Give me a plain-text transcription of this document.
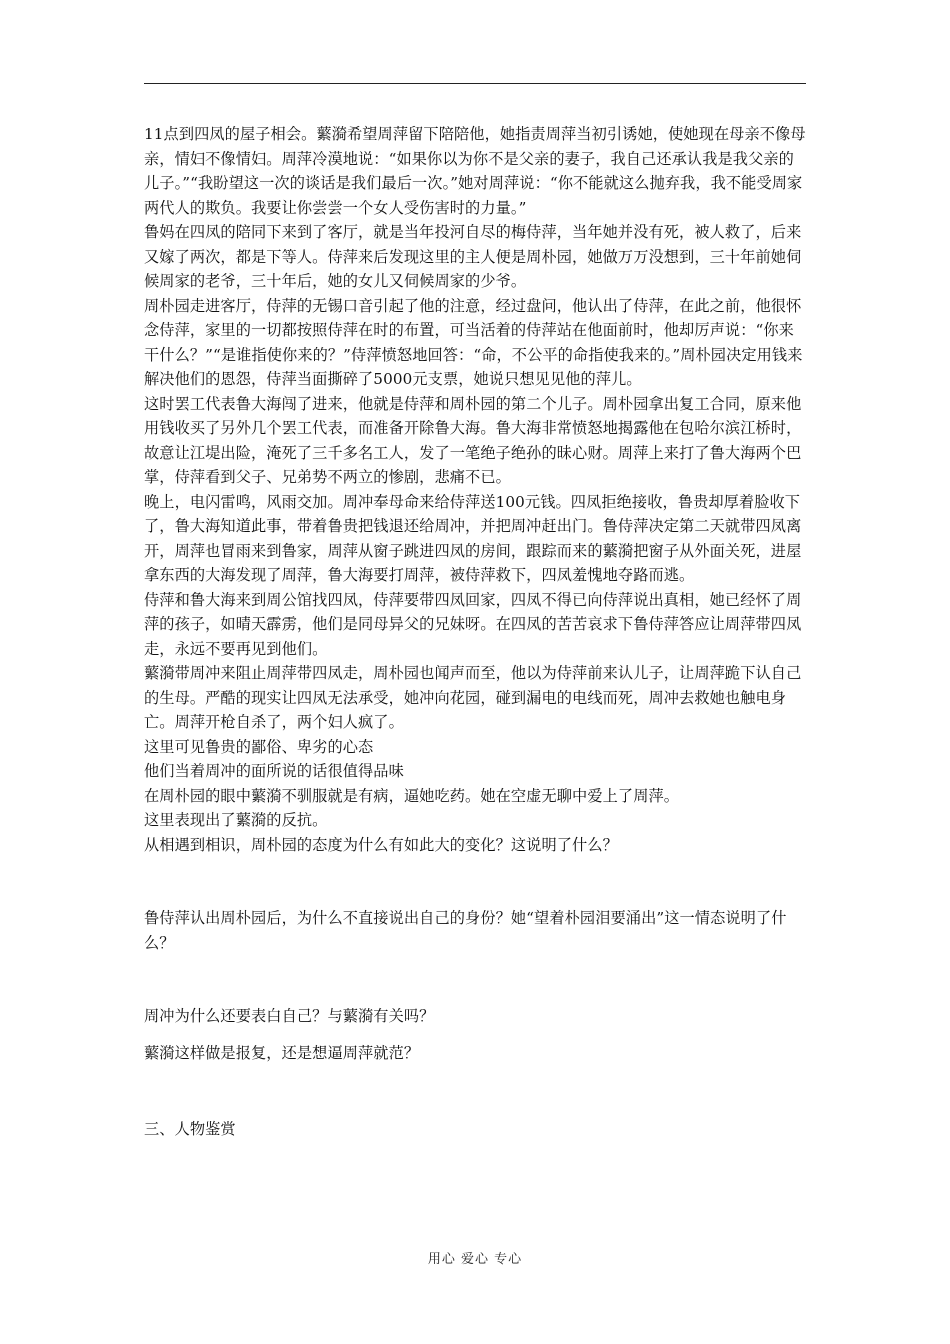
11点到四凤的屋子相会。蘩漪希望周萍留下陪陪他，她指责周萍当初引诱她，使她现在母亲不像母亲，情妇不像情妇。周萍冷漠地说：“如果你以为你不是父亲的妻子，我自己还承认我是我父亲的儿子。”“我盼望这一次的谈话是我们最后一次。”她对周萍说：“你不能就这么抛弃我，我不能受周家两代人的欺负。我要让你尝尝一个女人受伤害时的力量。”

鲁妈在四凤的陪同下来到了客厅，就是当年投河自尽的梅侍萍，当年她并没有死，被人救了，后来又嫁了两次，都是下等人。侍萍来后发现这里的主人便是周朴园，她做万万没想到，三十年前她伺候周家的老爷，三十年后，她的女儿又伺候周家的少爷。

周朴园走进客厅，侍萍的无锡口音引起了他的注意，经过盘问，他认出了侍萍，在此之前，他很怀念侍萍，家里的一切都按照侍萍在时的布置，可当活着的侍萍站在他面前时，他却厉声说：“你来干什么？”“是谁指使你来的？”侍萍愤怒地回答：“命，不公平的命指使我来的。”周朴园决定用钱来解决他们的恩怨，侍萍当面撕碎了5000元支票，她说只想见见他的萍儿。

这时罢工代表鲁大海闯了进来，他就是侍萍和周朴园的第二个儿子。周朴园拿出复工合同，原来他用钱收买了另外几个罢工代表，而准备开除鲁大海。鲁大海非常愤怒地揭露他在包哈尔滨江桥时，故意让江堤出险，淹死了三千多名工人，发了一笔绝子绝孙的昧心财。周萍上来打了鲁大海两个巴掌，侍萍看到父子、兄弟势不两立的惨剧，悲痛不已。

晚上，电闪雷鸣，风雨交加。周冲奉母命来给侍萍送100元钱。四凤拒绝接收，鲁贵却厚着脸收下了，鲁大海知道此事，带着鲁贵把钱退还给周冲，并把周冲赶出门。鲁侍萍决定第二天就带四凤离开，周萍也冒雨来到鲁家，周萍从窗子跳进四凤的房间，跟踪而来的蘩漪把窗子从外面关死，进屋拿东西的大海发现了周萍，鲁大海要打周萍，被侍萍救下，四凤羞愧地夺路而逃。

侍萍和鲁大海来到周公馆找四凤，侍萍要带四凤回家，四凤不得已向侍萍说出真相，她已经怀了周萍的孩子，如晴天霹雳，他们是同母异父的兄妹呀。在四凤的苦苦哀求下鲁侍萍答应让周萍带四凤走，永远不要再见到他们。

蘩漪带周冲来阻止周萍带四凤走，周朴园也闻声而至，他以为侍萍前来认儿子，让周萍跪下认自己的生母。严酷的现实让四凤无法承受，她冲向花园，碰到漏电的电线而死，周冲去救她也触电身亡。周萍开枪自杀了，两个妇人疯了。

这里可见鲁贵的鄙俗、卑劣的心态

他们当着周冲的面所说的话很值得品味

在周朴园的眼中蘩漪不驯服就是有病，逼她吃药。她在空虚无聊中爱上了周萍。

这里表现出了蘩漪的反抗。

从相遇到相识，周朴园的态度为什么有如此大的变化？这说明了什么？

鲁侍萍认出周朴园后，为什么不直接说出自己的身份？她“望着朴园泪要涌出”这一情态说明了什么？

周冲为什么还要表白自己？与蘩漪有关吗？

蘩漪这样做是报复，还是想逼周萍就范？

三、人物鉴赏

用心 爱心 专心
